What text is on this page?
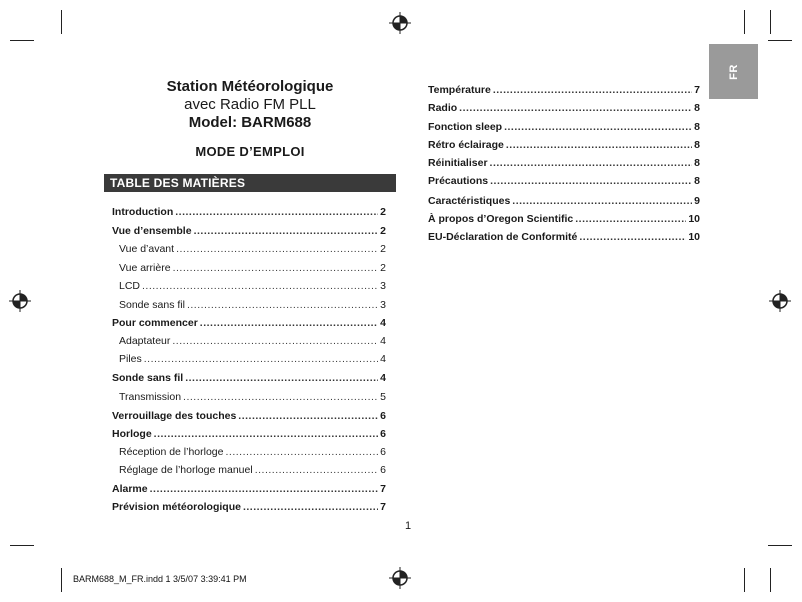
FR
Station Météorologique
avec Radio FM PLL
Model: BARM688
MODE D’EMPLOI
TABLE DES MATIÈRES
Introduction .....	2
Vue d’ensemble .....	2
Vue d’avant .....	2
Vue arrière .....	2
LCD .....	3
Sonde sans fil .....	3
Pour commencer .....	4
Adaptateur .....	4
Piles .....	4
Sonde sans fil .....	4
Transmission .....	5
Verrouillage des touches .....	6
Horloge .....	6
Réception de l’horloge .....	6
Réglage de l’horloge manuel .....	6
Alarme .....	7
Prévision météorologique .....	7
Température .....	7
Radio .....	8
Fonction sleep .....	8
Rétro éclairage .....	8
Réinitialiser .....	8
Précautions .....	8
Caractéristiques .....	9
À propos d’Oregon Scientific .....	10
EU-Déclaration de Conformité .....	10
1
BARM688_M_FR.indd 1 3/5/07 3:39:41 PM
